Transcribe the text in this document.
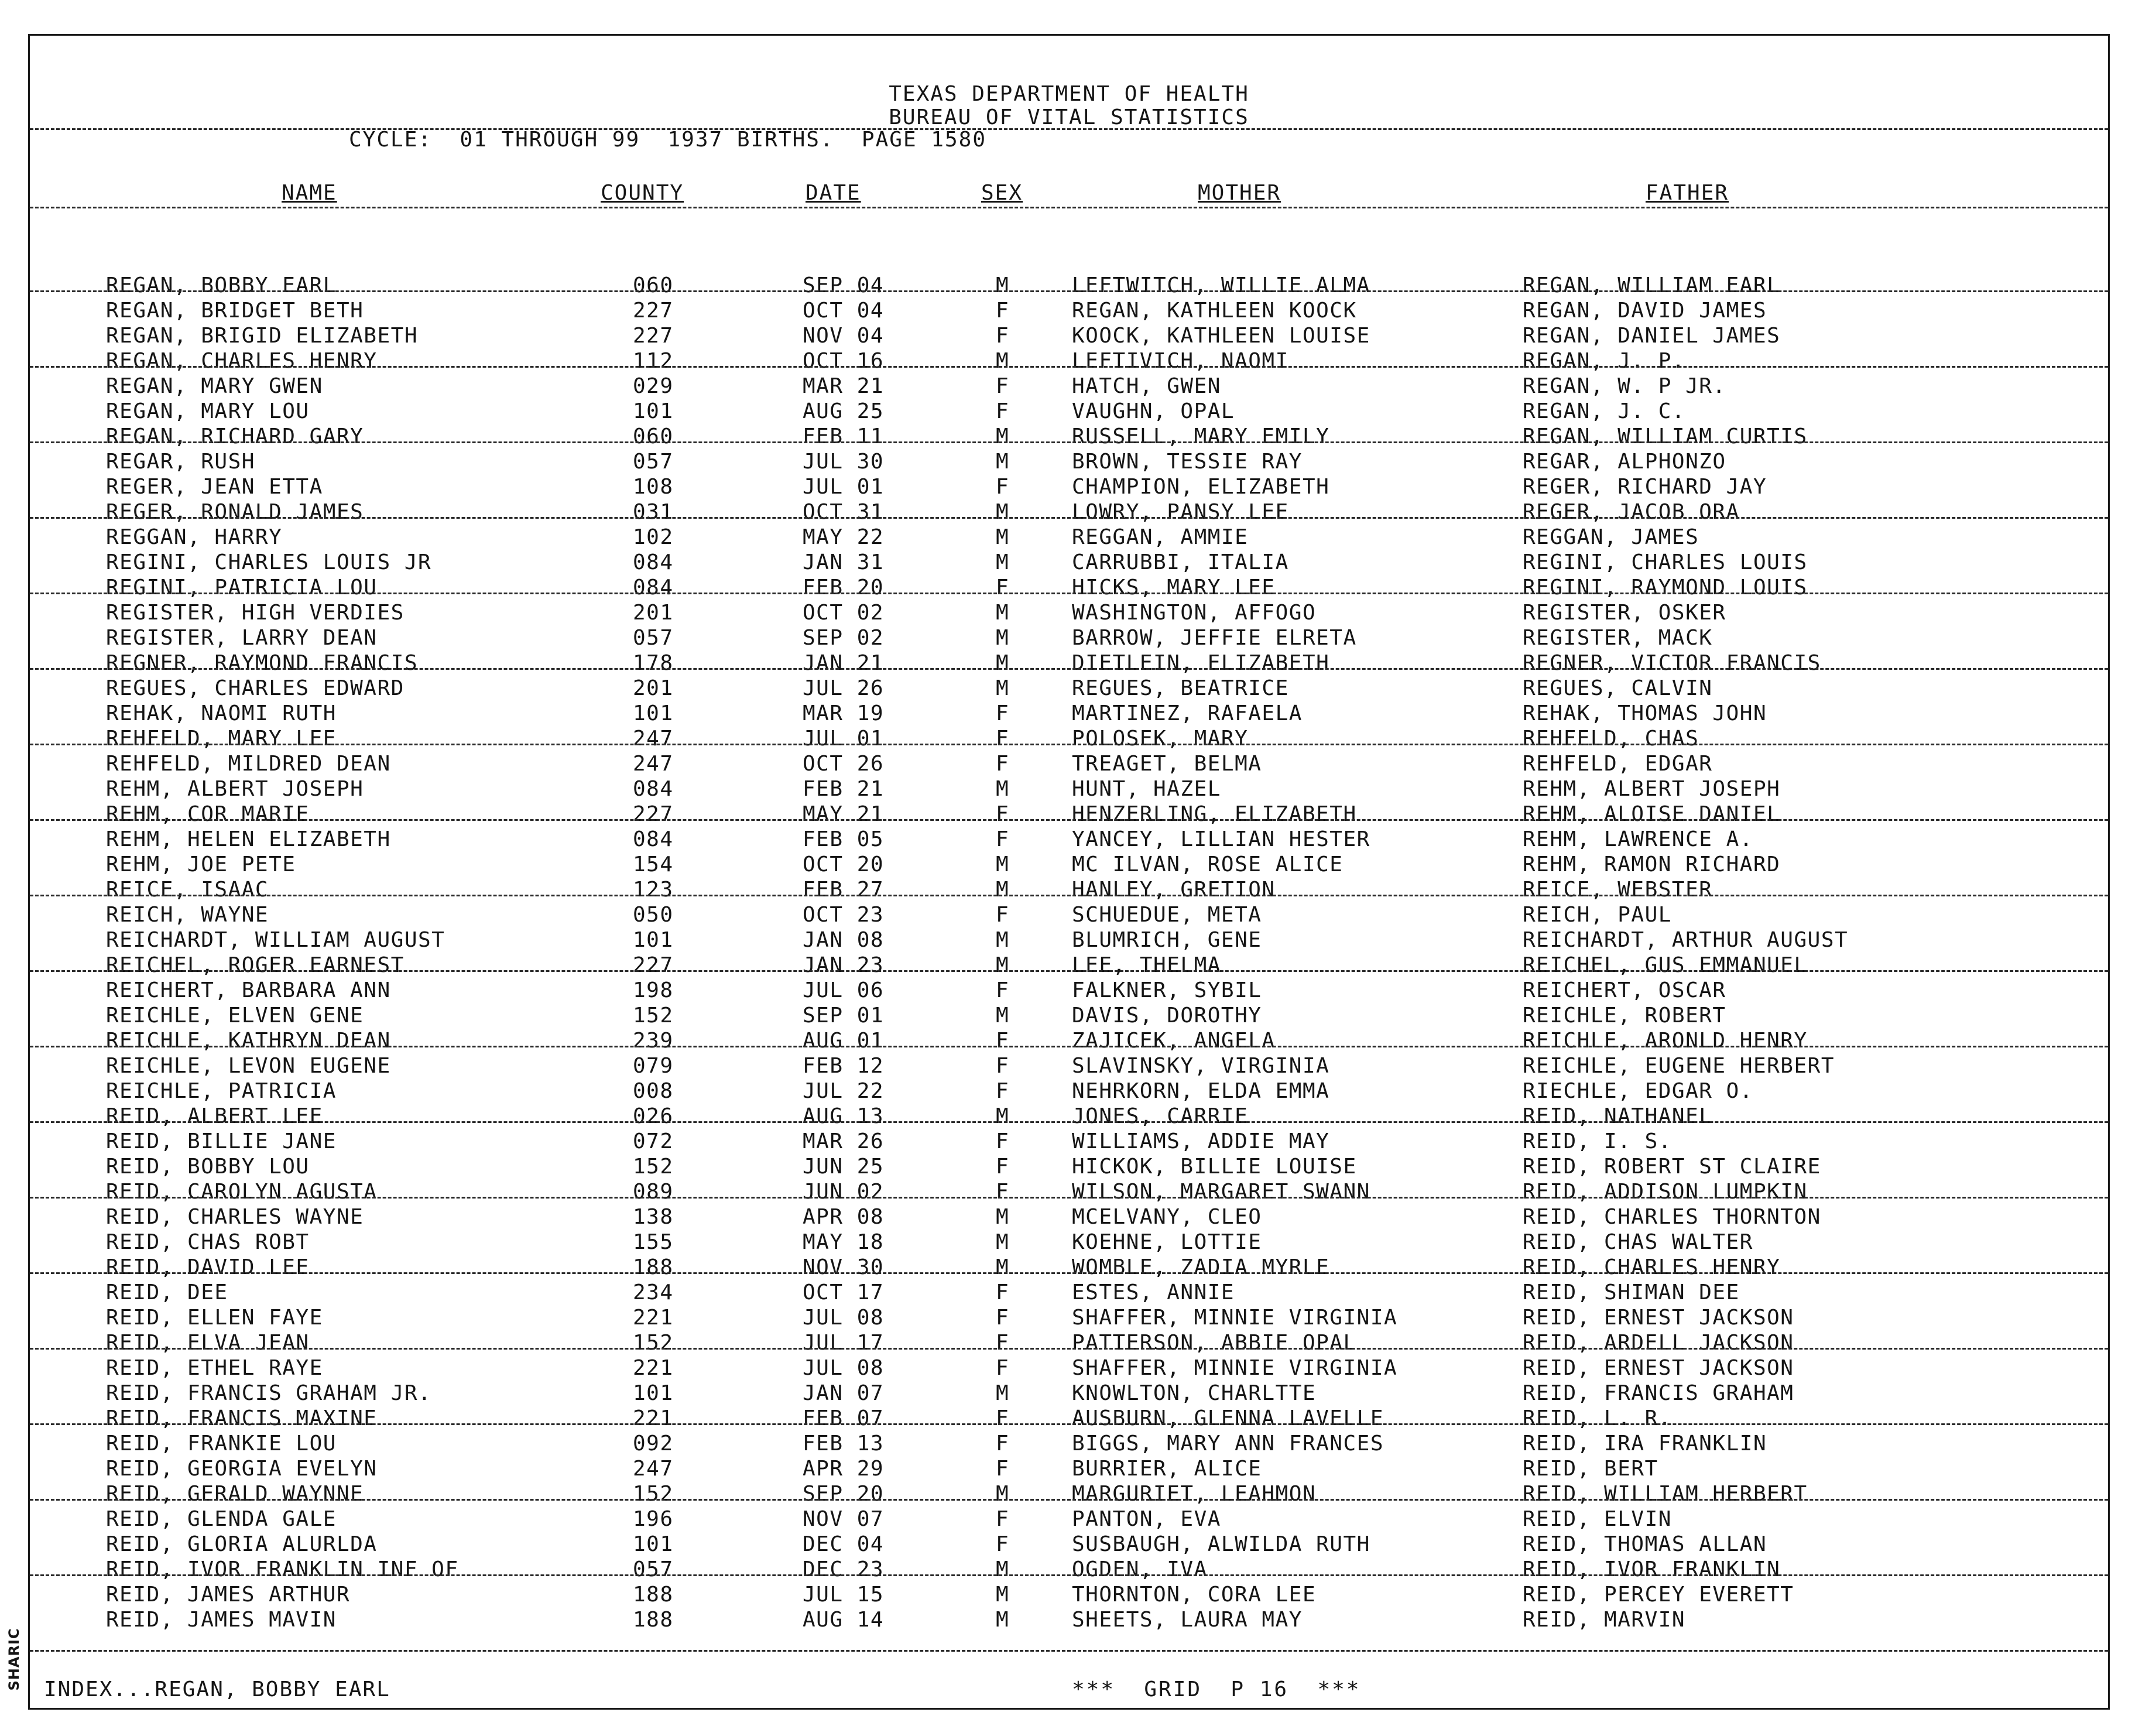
TEXAS DEPARTMENT OF HEALTH
BUREAU OF VITAL STATISTICS
CYCLE:  01 THROUGH 99  1937 BIRTHS.  PAGE 1580
NAME	COUNTY	DATE	SEX	MOTHER	FATHER
REGAN, BOBBY EARL	060	SEP 04	M	LEFTWITCH, WILLIE ALMA	REGAN, WILLIAM EARL
REGAN, BRIDGET BETH	227	OCT 04	F	REGAN, KATHLEEN KOOCK	REGAN, DAVID JAMES
REGAN, BRIGID ELIZABETH	227	NOV 04	F	KOOCK, KATHLEEN LOUISE	REGAN, DANIEL JAMES
REGAN, CHARLES HENRY	112	OCT 16	M	LEFTIVICH, NAOMI	REGAN, J. P.
REGAN, MARY GWEN	029	MAR 21	F	HATCH, GWEN	REGAN, W. P JR.
REGAN, MARY LOU	101	AUG 25	F	VAUGHN, OPAL	REGAN, J. C.
REGAN, RICHARD GARY	060	FEB 11	M	RUSSELL, MARY EMILY	REGAN, WILLIAM CURTIS
REGAR, RUSH	057	JUL 30	M	BROWN, TESSIE RAY	REGAR, ALPHONZO
REGER, JEAN ETTA	108	JUL 01	F	CHAMPION, ELIZABETH	REGER, RICHARD JAY
REGER, RONALD JAMES	031	OCT 31	M	LOWRY, PANSY LEE	REGER, JACOB ORA
REGGAN, HARRY	102	MAY 22	M	REGGAN, AMMIE	REGGAN, JAMES
REGINI, CHARLES LOUIS JR	084	JAN 31	M	CARRUBBI, ITALIA	REGINI, CHARLES LOUIS
REGINI, PATRICIA LOU	084	FEB 20	F	HICKS, MARY LEE	REGINI, RAYMOND LOUIS
REGISTER, HIGH VERDIES	201	OCT 02	M	WASHINGTON, AFFOGO	REGISTER, OSKER
REGISTER, LARRY DEAN	057	SEP 02	M	BARROW, JEFFIE ELRETA	REGISTER, MACK
REGNER, RAYMOND FRANCIS	178	JAN 21	M	DIETLEIN, ELIZABETH	REGNER, VICTOR FRANCIS
REGUES, CHARLES EDWARD	201	JUL 26	M	REGUES, BEATRICE	REGUES, CALVIN
REHAK, NAOMI RUTH	101	MAR 19	F	MARTINEZ, RAFAELA	REHAK, THOMAS JOHN
REHFELD, MARY LEE	247	JUL 01	F	POLOSEK, MARY	REHFELD, CHAS
REHFELD, MILDRED DEAN	247	OCT 26	F	TREAGET, BELMA	REHFELD, EDGAR
REHM, ALBERT JOSEPH	084	FEB 21	M	HUNT, HAZEL	REHM, ALBERT JOSEPH
REHM, COR MARIE	227	MAY 21	F	HENZERLING, ELIZABETH	REHM, ALOISE DANIEL
REHM, HELEN ELIZABETH	084	FEB 05	F	YANCEY, LILLIAN HESTER	REHM, LAWRENCE A.
REHM, JOE PETE	154	OCT 20	M	MC ILVAN, ROSE ALICE	REHM, RAMON RICHARD
REICE, ISAAC	123	FEB 27	M	HANLEY, GRETION	REICE, WEBSTER
REICH, WAYNE	050	OCT 23	F	SCHUEDUE, META	REICH, PAUL
REICHARDT, WILLIAM AUGUST	101	JAN 08	M	BLUMRICH, GENE	REICHARDT, ARTHUR AUGUST
REICHEL, ROGER EARNEST	227	JAN 23	M	LEE, THELMA	REICHEL, GUS EMMANUEL
REICHERT, BARBARA ANN	198	JUL 06	F	FALKNER, SYBIL	REICHERT, OSCAR
REICHLE, ELVEN GENE	152	SEP 01	M	DAVIS, DOROTHY	REICHLE, ROBERT
REICHLE, KATHRYN DEAN	239	AUG 01	F	ZAJICEK, ANGELA	REICHLE, ARONLD HENRY
REICHLE, LEVON EUGENE	079	FEB 12	F	SLAVINSKY, VIRGINIA	REICHLE, EUGENE HERBERT
REICHLE, PATRICIA	008	JUL 22	F	NEHRKORN, ELDA EMMA	RIECHLE, EDGAR O.
REID, ALBERT LEE	026	AUG 13	M	JONES, CARRIE	REID, NATHANEL
REID, BILLIE JANE	072	MAR 26	F	WILLIAMS, ADDIE MAY	REID, I. S.
REID, BOBBY LOU	152	JUN 25	F	HICKOK, BILLIE LOUISE	REID, ROBERT ST CLAIRE
REID, CAROLYN AGUSTA	089	JUN 02	F	WILSON, MARGARET SWANN	REID, ADDISON LUMPKIN
REID, CHARLES WAYNE	138	APR 08	M	MCELVANY, CLEO	REID, CHARLES THORNTON
REID, CHAS ROBT	155	MAY 18	M	KOEHNE, LOTTIE	REID, CHAS WALTER
REID, DAVID LEE	188	NOV 30	M	WOMBLE, ZADIA MYRLE	REID, CHARLES HENRY
REID, DEE	234	OCT 17	F	ESTES, ANNIE	REID, SHIMAN DEE
REID, ELLEN FAYE	221	JUL 08	F	SHAFFER, MINNIE VIRGINIA	REID, ERNEST JACKSON
REID, ELVA JEAN	152	JUL 17	F	PATTERSON, ABBIE OPAL	REID, ARDELL JACKSON
REID, ETHEL RAYE	221	JUL 08	F	SHAFFER, MINNIE VIRGINIA	REID, ERNEST JACKSON
REID, FRANCIS GRAHAM JR.	101	JAN 07	M	KNOWLTON, CHARLTTE	REID, FRANCIS GRAHAM
REID, FRANCIS MAXINE	221	FEB 07	F	AUSBURN, GLENNA LAVELLE	REID, L. R.
REID, FRANKIE LOU	092	FEB 13	F	BIGGS, MARY ANN FRANCES	REID, IRA FRANKLIN
REID, GEORGIA EVELYN	247	APR 29	F	BURRIER, ALICE	REID, BERT
REID, GERALD WAYNNE	152	SEP 20	M	MARGURIET, LEAHMON	REID, WILLIAM HERBERT
REID, GLENDA GALE	196	NOV 07	F	PANTON, EVA	REID, ELVIN
REID, GLORIA ALURLDA	101	DEC 04	F	SUSBAUGH, ALWILDA RUTH	REID, THOMAS ALLAN
REID, IVOR FRANKLIN INF OF	057	DEC 23	M	OGDEN, IVA	REID, IVOR FRANKLIN
REID, JAMES ARTHUR	188	JUL 15	M	THORNTON, CORA LEE	REID, PERCEY EVERETT
REID, JAMES MAVIN	188	AUG 14	M	SHEETS, LAURA MAY	REID, MARVIN
INDEX...REGAN, BOBBY EARL	***  GRID  P 16  ***
SHARIC
